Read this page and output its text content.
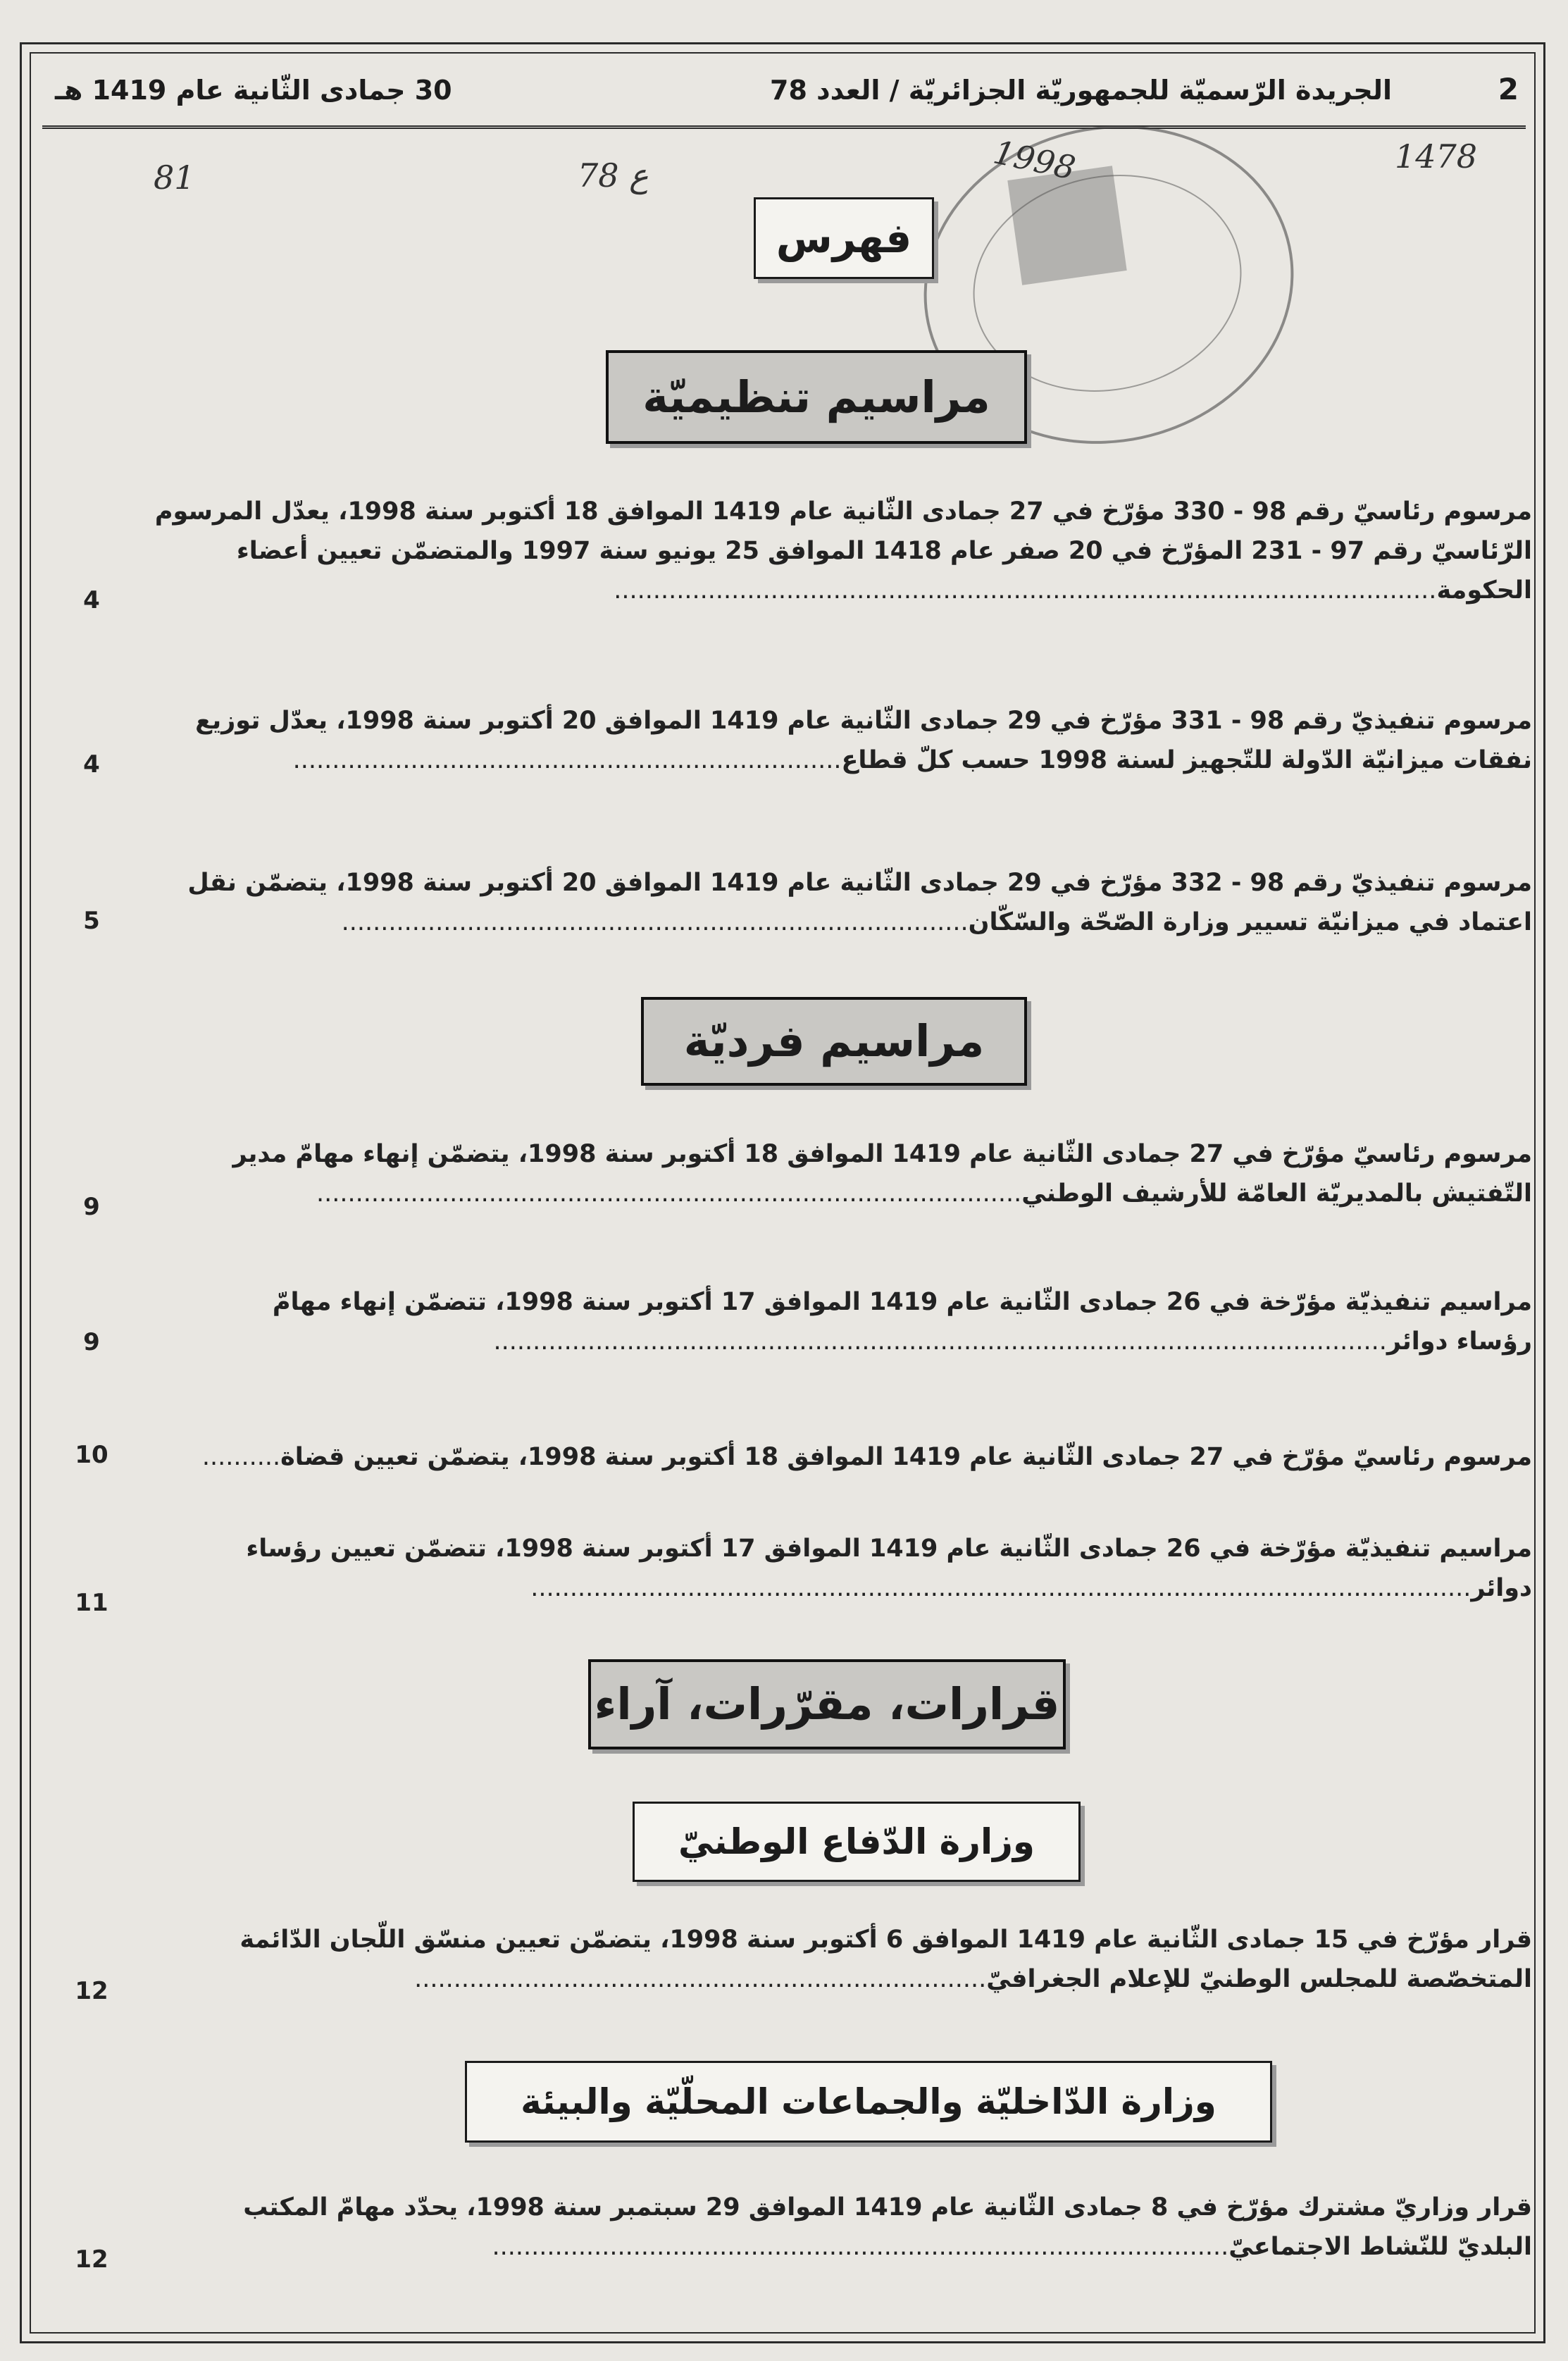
2
الجريدة الرّسميّة للجمهوريّة الجزائريّة / العدد 78
30 جمادى الثّانية عام 1419 هـ
81	78 ع	1998	1478
فهرس
مراسيم تنظيميّة
مراسيم فرديّة
قرارات، مقرّرات، آراء
وزارة الدّفاع الوطنيّ
وزارة الدّاخليّة والجماعات المحلّيّة والبيئة
مرسوم رئاسيّ رقم 98 - 330 مؤرّخ في 27 جمادى الثّانية عام 1419 الموافق 18 أكتوبر سنة 1998، يعدّل المرسوم
الرّئاسيّ رقم 97 - 231 المؤرّخ في 20 صفر عام 1418 الموافق 25 يونيو سنة 1997 والمتضمّن تعيين أعضاء
الحكومة.........................................................................................................
4
مرسوم تنفيذيّ رقم 98 - 331 مؤرّخ في 29 جمادى الثّانية عام 1419 الموافق 20 أكتوبر سنة 1998، يعدّل توزيع
نفقات ميزانيّة الدّولة للتّجهيز لسنة 1998 حسب كلّ قطاع......................................................................
4
مرسوم تنفيذيّ رقم 98 - 332 مؤرّخ في 29 جمادى الثّانية عام 1419 الموافق 20 أكتوبر سنة 1998، يتضمّن نقل
اعتماد في ميزانيّة تسيير وزارة الصّحّة والسّكّان................................................................................
5
مرسوم رئاسيّ مؤرّخ في 27 جمادى الثّانية عام 1419 الموافق 18 أكتوبر سنة 1998، يتضمّن إنهاء مهامّ مدير
التّفتيش بالمديريّة العامّة للأرشيف الوطني..........................................................................................
9
مراسيم تنفيذيّة مؤرّخة في 26 جمادى الثّانية عام 1419 الموافق 17 أكتوبر سنة 1998، تتضمّن إنهاء مهامّ
رؤساء دوائر..................................................................................................................
9
مرسوم رئاسيّ مؤرّخ في 27 جمادى الثّانية عام 1419 الموافق 18 أكتوبر سنة 1998، يتضمّن تعيين قضاة..........
10
مراسيم تنفيذيّة مؤرّخة في 26 جمادى الثّانية عام 1419 الموافق 17 أكتوبر سنة 1998، تتضمّن تعيين رؤساء
دوائر........................................................................................................................
11
قرار مؤرّخ في 15 جمادى الثّانية عام 1419 الموافق 6 أكتوبر سنة 1998، يتضمّن تعيين منسّق اللّجان الدّائمة
المتخصّصة للمجلس الوطنيّ للإعلام الجغرافيّ.........................................................................
12
قرار وزاريّ مشترك مؤرّخ في 8 جمادى الثّانية عام 1419 الموافق 29 سبتمبر سنة 1998، يحدّد مهامّ المكتب
البلديّ للنّشاط الاجتماعيّ..............................................................................................
12
